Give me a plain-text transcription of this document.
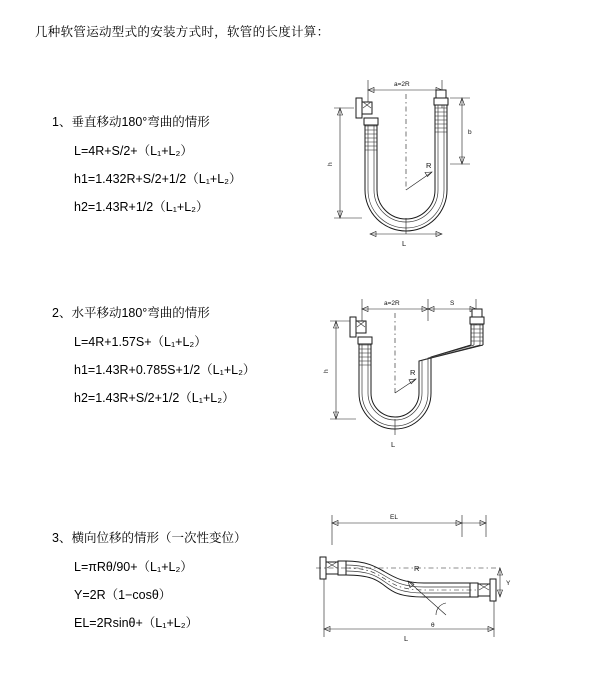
几种软管运动型式的安装方式时，软管的长度计算：
1、垂直移动180°弯曲的情形
L=4R+S/2+（L₁+L₂）
h1=1.432R+S/2+1/2（L₁+L₂）
h2=1.43R+1/2（L₁+L₂）
2、水平移动180°弯曲的情形
L=4R+1.57S+（L₁+L₂）
h1=1.43R+0.785S+1/2（L₁+L₂）
h2=1.43R+S/2+1/2（L₁+L₂）
3、横向位移的情形（一次性变位）
L=πRθ/90+（L₁+L₂）
Y=2R（1−cosθ）
EL=2Rsinθ+（L₁+L₂）
a=2R
R
h
b
L
a=2R	S
R
h
L
EL
R
θ
Y
L
